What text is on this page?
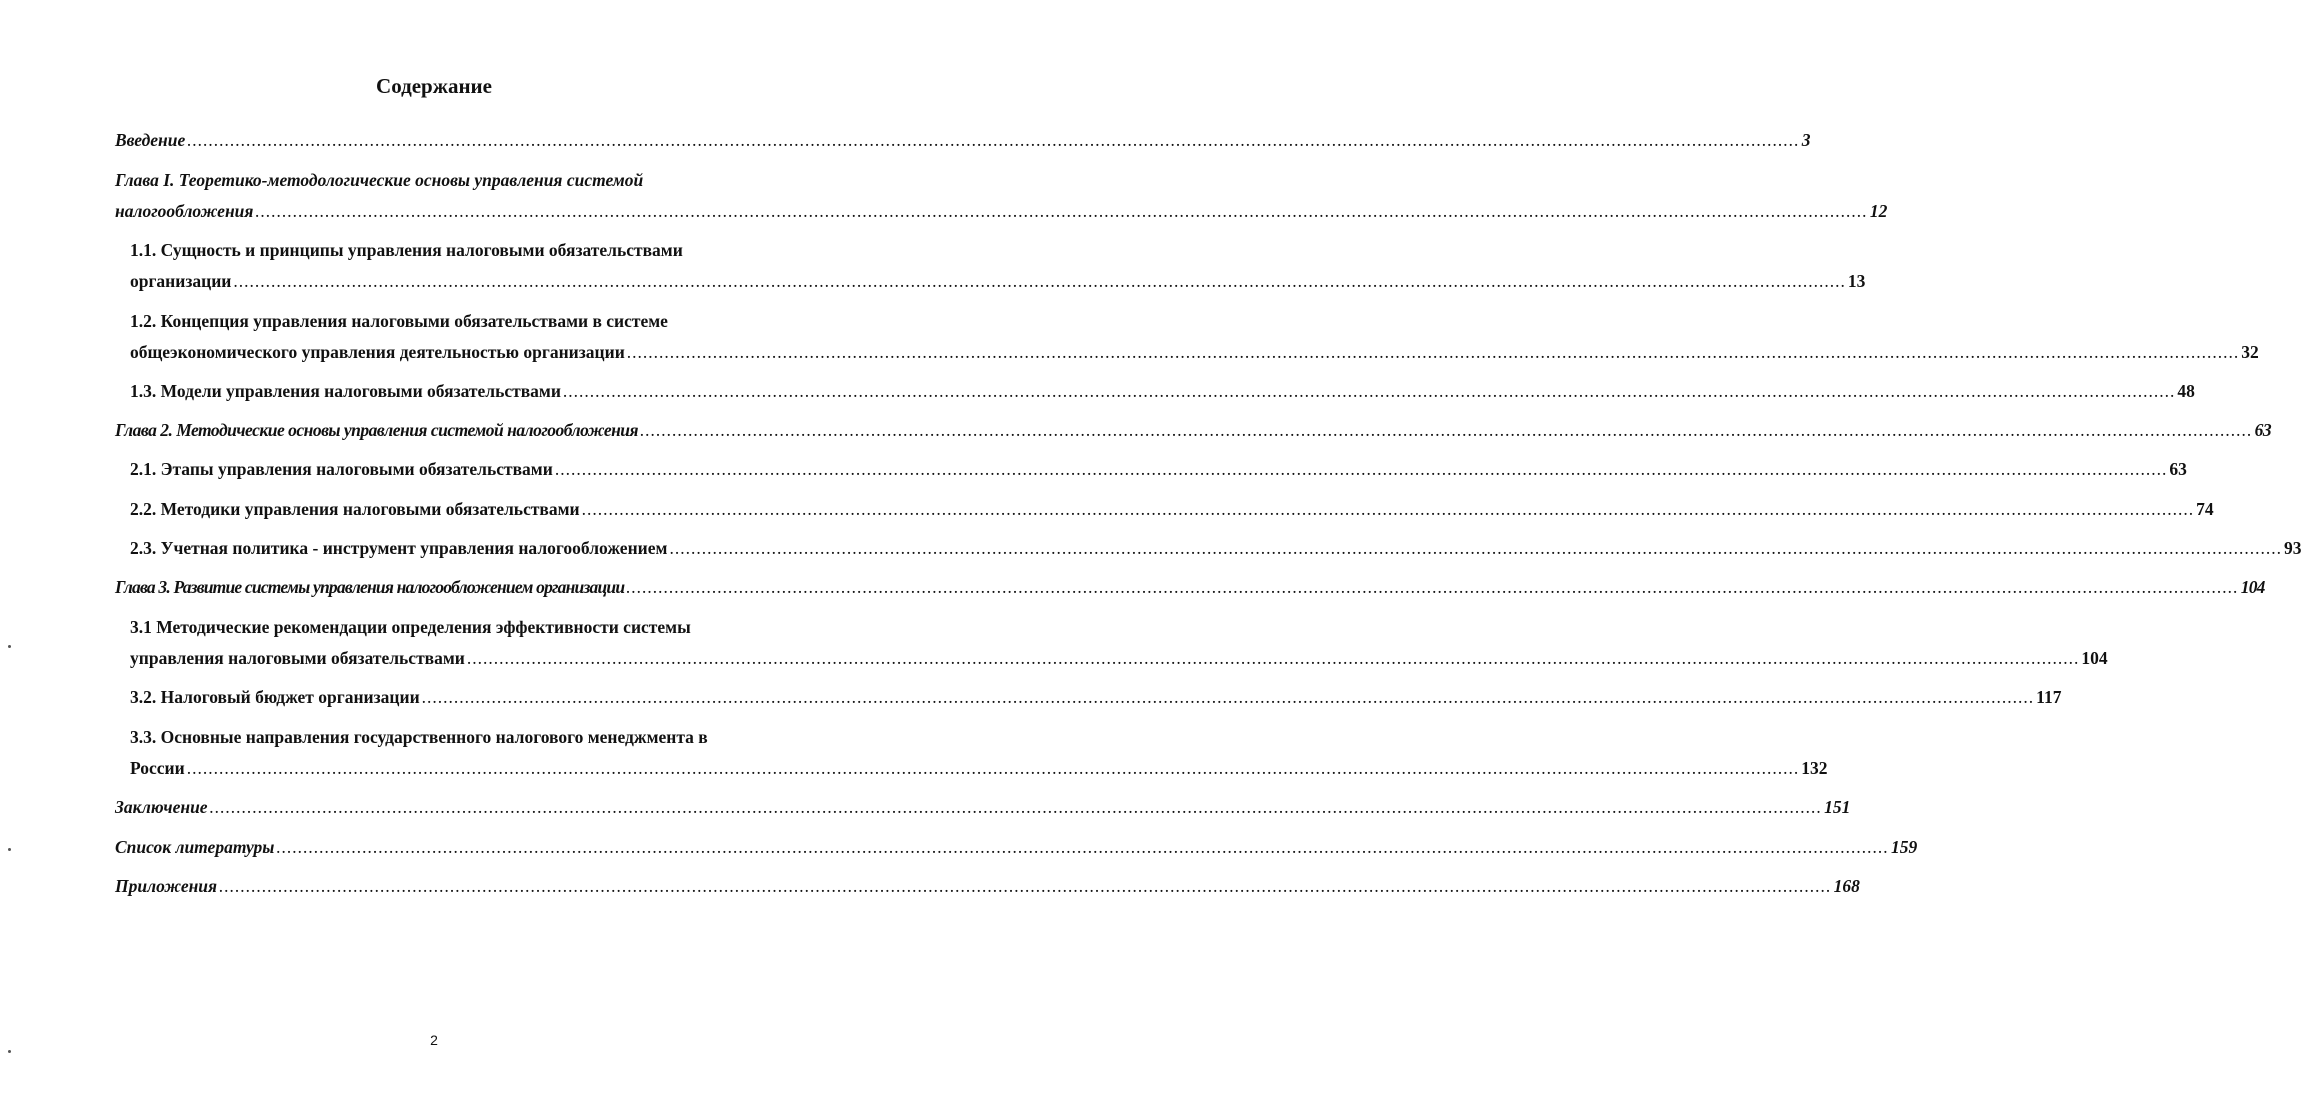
Содержание
Введение ............................................................................................................................................................................................................................................................................................................ 3
Глава I. Теоретико-методологические основы управления системой
налогообложения ............................................................................................................................................................................................................................................................................................................ 12
1.1. Сущность и принципы управления налоговыми обязательствами
организации ............................................................................................................................................................................................................................................................................................................ 13
1.2. Концепция управления налоговыми обязательствами в системе
общеэкономического управления деятельностью организации ............................................................................................................................................................................................................................................................................................................ 32
1.3. Модели управления налоговыми обязательствами ............................................................................................................................................................................................................................................................................................................ 48
Глава 2. Методические основы управления системой налогообложения ............................................................................................................................................................................................................................................................................................................ 63
2.1. Этапы управления налоговыми обязательствами ............................................................................................................................................................................................................................................................................................................ 63
2.2. Методики управления налоговыми обязательствами ............................................................................................................................................................................................................................................................................................................ 74
2.3. Учетная политика - инструмент управления налогообложением ............................................................................................................................................................................................................................................................................................................ 93
Глава 3. Развитие системы управления налогообложением организации ............................................................................................................................................................................................................................................................................................................ 104
3.1 Методические рекомендации определения эффективности системы
управления налоговыми обязательствами ............................................................................................................................................................................................................................................................................................................ 104
3.2. Налоговый бюджет организации ............................................................................................................................................................................................................................................................................................................ 117
3.3. Основные направления государственного налогового менеджмента в
России ............................................................................................................................................................................................................................................................................................................ 132
Заключение ............................................................................................................................................................................................................................................................................................................ 151
Список литературы ............................................................................................................................................................................................................................................................................................................ 159
Приложения ............................................................................................................................................................................................................................................................................................................ 168
2
